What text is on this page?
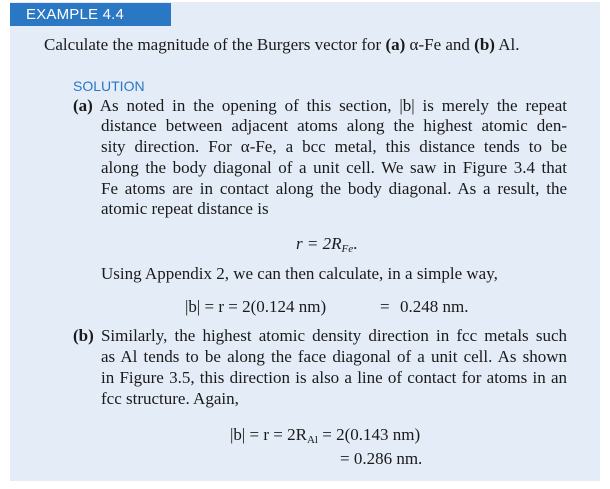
EXAMPLE 4.4
Calculate the magnitude of the Burgers vector for (a) α-Fe and (b) Al.
SOLUTION
(a) As noted in the opening of this section, |b| is merely the repeat
distance between adjacent atoms along the highest atomic den-
sity direction. For α-Fe, a bcc metal, this distance tends to be
along the body diagonal of a unit cell. We saw in Figure 3.4 that
Fe atoms are in contact along the body diagonal. As a result, the
atomic repeat distance is
$r = 2R_{Fe}$.
Using Appendix 2, we can then calculate, in a simple way,
|b| = r = 2(0.124 nm)	= 0.248 nm.
(b) Similarly, the highest atomic density direction in fcc metals such
as Al tends to be along the face diagonal of a unit cell. As shown
in Figure 3.5, this direction is also a line of contact for atoms in an
fcc structure. Again,
$|b| = r = 2R_{Al} = 2(0.143$ nm)
= 0.286 nm.
